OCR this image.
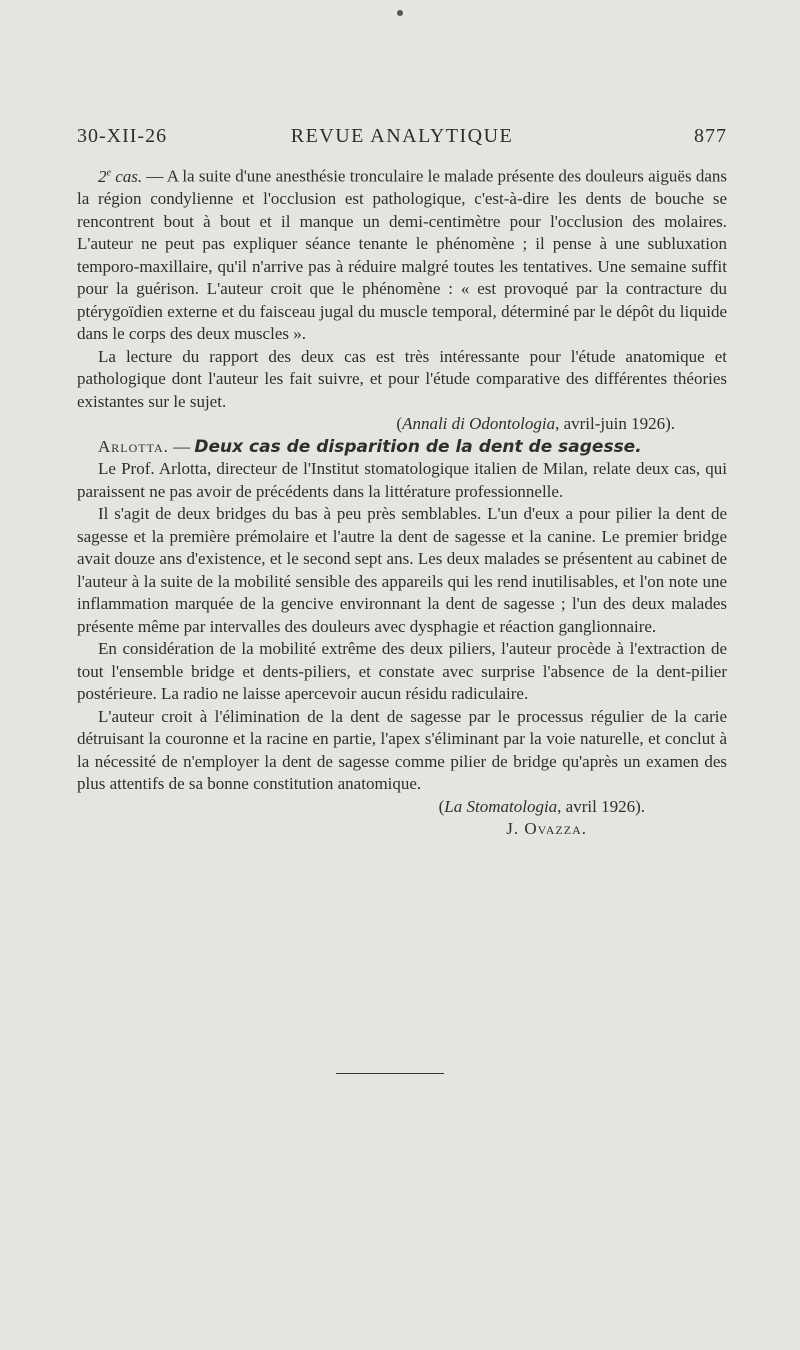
30-XII-26	REVUE ANALYTIQUE	877

2e cas. — A la suite d'une anesthésie tronculaire le malade présente des douleurs aiguës dans la région condylienne et l'occlusion est pathologique, c'est-à-dire les dents de bouche se rencontrent bout à bout et il manque un demi-centimètre pour l'occlusion des molaires. L'auteur ne peut pas expliquer séance tenante le phénomène ; il pense à une subluxation temporo-maxillaire, qu'il n'arrive pas à réduire malgré toutes les tentatives. Une semaine suffit pour la guérison. L'auteur croit que le phénomène : « est provoqué par la contracture du ptérygoïdien externe et du faisceau jugal du muscle temporal, déterminé par le dépôt du liquide dans le corps des deux muscles ».

La lecture du rapport des deux cas est très intéressante pour l'étude anatomique et pathologique dont l'auteur les fait suivre, et pour l'étude comparative des différentes théories existantes sur le sujet.

(Annali di Odontologia, avril-juin 1926).

Arlotta. — Deux cas de disparition de la dent de sagesse.

Le Prof. Arlotta, directeur de l'Institut stomatologique italien de Milan, relate deux cas, qui paraissent ne pas avoir de précédents dans la littérature professionnelle.

Il s'agit de deux bridges du bas à peu près semblables. L'un d'eux a pour pilier la dent de sagesse et la première prémolaire et l'autre la dent de sagesse et la canine. Le premier bridge avait douze ans d'existence, et le second sept ans. Les deux malades se présentent au cabinet de l'auteur à la suite de la mobilité sensible des appareils qui les rend inutilisables, et l'on note une inflammation marquée de la gencive environnant la dent de sagesse ; l'un des deux malades présente même par intervalles des douleurs avec dysphagie et réaction ganglionnaire.

En considération de la mobilité extrême des deux piliers, l'auteur procède à l'extraction de tout l'ensemble bridge et dents-piliers, et constate avec surprise l'absence de la dent-pilier postérieure. La radio ne laisse apercevoir aucun résidu radiculaire.

L'auteur croit à l'élimination de la dent de sagesse par le processus régulier de la carie détruisant la couronne et la racine en partie, l'apex s'éliminant par la voie naturelle, et conclut à la nécessité de n'employer la dent de sagesse comme pilier de bridge qu'après un examen des plus attentifs de sa bonne constitution anatomique.

(La Stomatologia, avril 1926).

J. Ovazza.
